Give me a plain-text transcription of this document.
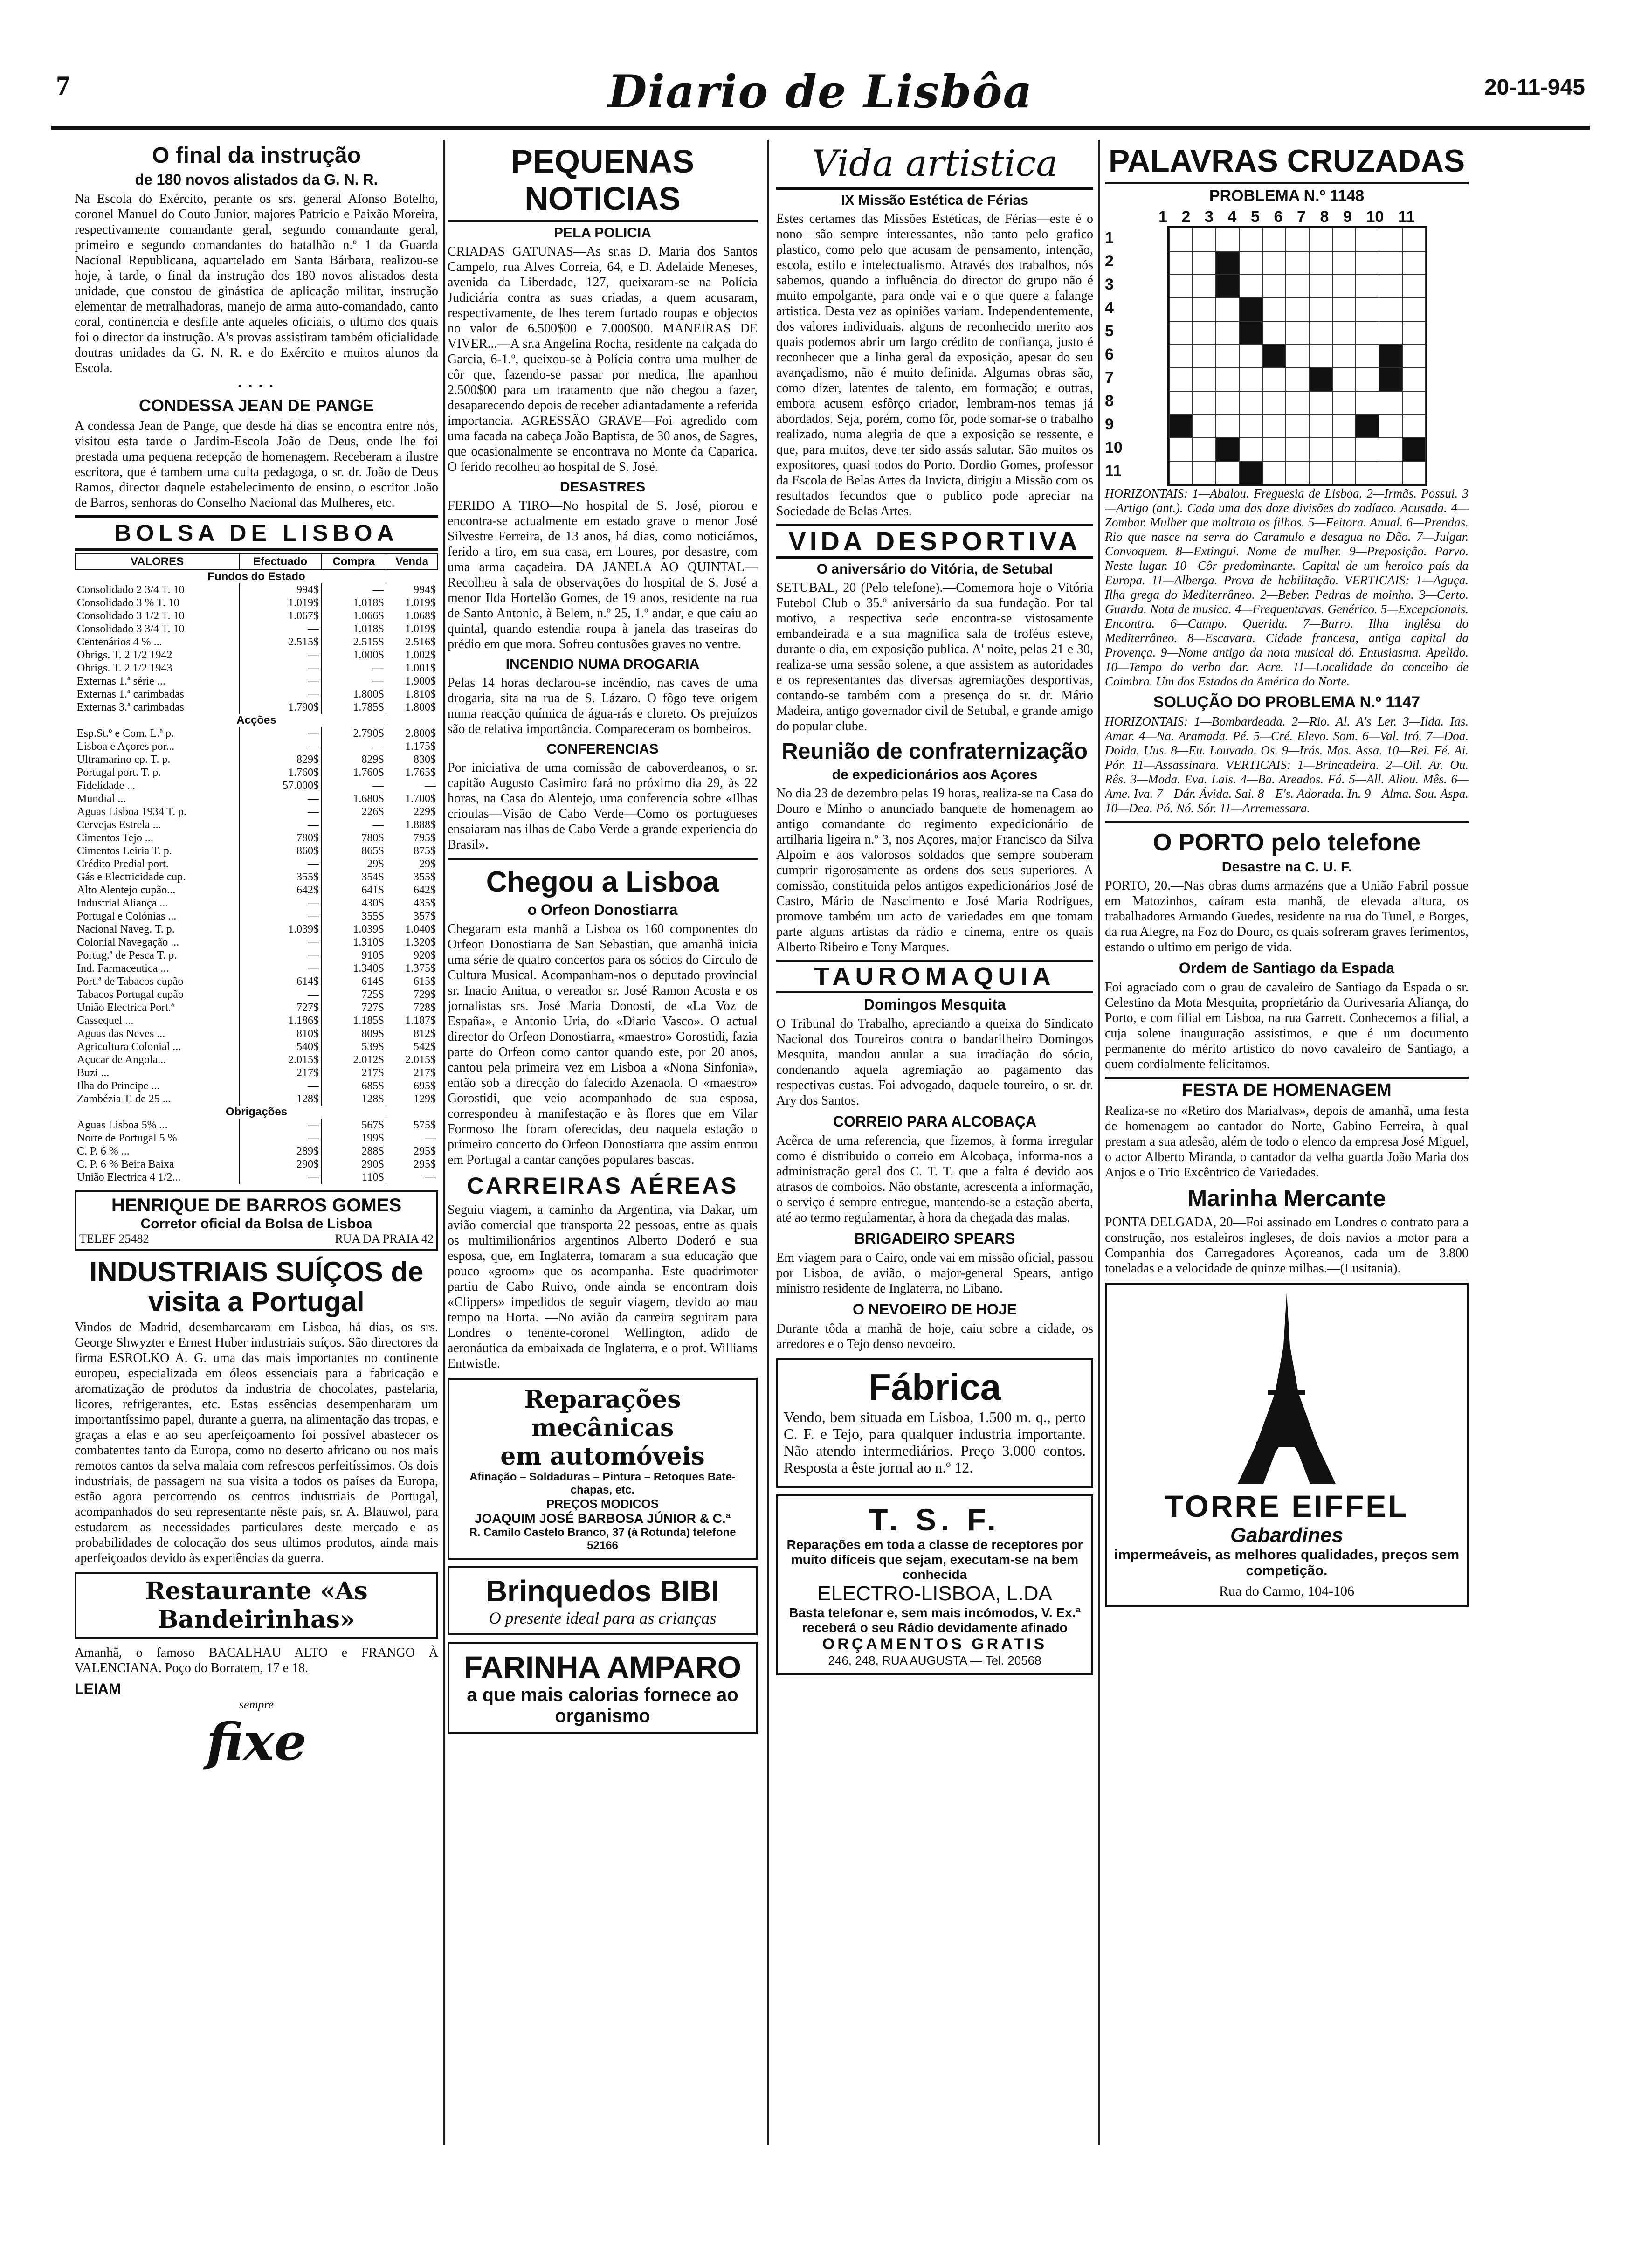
7	Diario de Lisbôa	20-11-945
O final da instrução
de 180 novos alistados da G. N. R.

Na Escola do Exército, perante os srs. general Afonso Botelho, coronel Manuel do Couto Junior, majores Patricio e Paixão Moreira, respectivamente comandante geral, segundo comandante geral, primeiro e segundo comandantes do batalhão n.º 1 da Guarda Nacional Republicana, aquartelado em Santa Bárbara, realizou-se hoje, à tarde, o final da instrução dos 180 novos alistados desta unidade, que constou de ginástica de aplicação militar, instrução elementar de metralhadoras, manejo de arma auto-comandado, canto coral, continencia e desfile ante aqueles oficiais, o ultimo dos quais foi o director da instrução. A's provas assistiram também oficialidade doutras unidades da G. N. R. e do Exército e muitos alunos da Escola.

• • • •
CONDESSA JEAN DE PANGE

A condessa Jean de Pange, que desde há dias se encontra entre nós, visitou esta tarde o Jardim-Escola João de Deus, onde lhe foi prestada uma pequena recepção de homenagem. Receberam a ilustre escritora, que é tambem uma culta pedagoga, o sr. dr. João de Deus Ramos, director daquele estabelecimento de ensino, o escritor João de Barros, senhoras do Conselho Nacional das Mulheres, etc.

BOLSA DE LISBOA
VALORES	Efectuado	Compra	Venda
Fundos do Estado			
Consolidado 2 3/4 T. 10	994$	—	994$
Consolidado 3 % T. 10	1.019$	1.018$	1.019$
Consolidado 3 1/2 T. 10	1.067$	1.066$	1.068$
Consolidado 3 3/4 T. 10	—	1.018$	1.019$
Centenários 4 % ...	2.515$	2.515$	2.516$
Obrigs. T. 2 1/2 1942	—	1.000$	1.002$
Obrigs. T. 2 1/2 1943	—	—	1.001$
Externas 1.ª série ...	—	—	1.900$
Externas 1.ª carimbadas	—	1.800$	1.810$
Externas 3.ª carimbadas	1.790$	1.785$	1.800$
Acções			
Esp.St.º e Com. L.ª p.	—	2.790$	2.800$
Lisboa e Açores por...	—	—	1.175$
Ultramarino cp. T. p.	829$	829$	830$
Portugal port. T. p.	1.760$	1.760$	1.765$
Fidelidade ...	57.000$	—	—
Mundial ...	—	1.680$	1.700$
Aguas Lisboa 1934 T. p.	—	226$	229$
Cervejas Estrela ...	—	—	1.888$
Cimentos Tejo ...	780$	780$	795$
Cimentos Leiria T. p.	860$	865$	875$
Crédito Predial port.	—	29$	29$
Gás e Electricidade cup.	355$	354$	355$
Alto Alentejo cupão...	642$	641$	642$
Industrial Aliança ...	—	430$	435$
Portugal e Colónias ...	—	355$	357$
Nacional Naveg. T. p.	1.039$	1.039$	1.040$
Colonial Navegação ...	—	1.310$	1.320$
Portug.ª de Pesca T. p.	—	910$	920$
Ind. Farmaceutica ...	—	1.340$	1.375$
Port.ª de Tabacos cupão	614$	614$	615$
Tabacos Portugal cupão	—	725$	729$
União Electrica Port.ª	727$	727$	728$
Cassequel ...	1.186$	1.185$	1.187$
Aguas das Neves ...	810$	809$	812$
Agricultura Colonial ...	540$	539$	542$
Açucar de Angola...	2.015$	2.012$	2.015$
Buzi ...	217$	217$	217$
Ilha do Principe ...	—	685$	695$
Zambézia T. de 25 ...	128$	128$	129$
Obrigações			
Aguas Lisboa 5% ...	—	567$	575$
Norte de Portugal 5 %	—	199$	—
C. P. 6 % ...	289$	288$	295$
C. P. 6 % Beira Baixa	290$	290$	295$
União Electrica 4 1/2...	—	110$	—
HENRIQUE DE BARROS GOMES
Corretor oficial da Bolsa de Lisboa
TELEF 25482	RUA DA PRAIA 42
INDUSTRIAIS SUÍÇOS de visita a Portugal

Vindos de Madrid, desembarcaram em Lisboa, há dias, os srs. George Shwyzter e Ernest Huber industriais suíços. São directores da firma ESROLKO A. G. uma das mais importantes no continente europeu, especializada em óleos essenciais para a fabricação e aromatização de produtos da industria de chocolates, pastelaria, licores, refrigerantes, etc. Estas essências desempenharam um importantíssimo papel, durante a guerra, na alimentação das tropas, e graças a elas e ao seu aperfeiçoamento foi possível abastecer os combatentes tanto da Europa, como no deserto africano ou nos mais remotos cantos da selva malaia com refrescos perfeitíssimos. Os dois industriais, de passagem na sua visita a todos os países da Europa, estão agora percorrendo os centros industriais de Portugal, acompanhados do seu representante nêste país, sr. A. Blauwol, para estudarem as necessidades particulares deste mercado e as probabilidades de colocação dos seus ultimos produtos, ainda mais aperfeiçoados devido às experiências da guerra.

Restaurante «As Bandeirinhas»

Amanhã, o famoso BACALHAU ALTO e FRANGO À VALENCIANA. Poço do Borratem, 17 e 18.

LEIAM
sempre
fixe
PEQUENAS NOTICIAS
PELA POLICIA

CRIADAS GATUNAS—As sr.as D. Maria dos Santos Campelo, rua Alves Correia, 64, e D. Adelaide Meneses, avenida da Liberdade, 127, queixaram-se na Polícia Judiciária contra as suas criadas, a quem acusaram, respectivamente, de lhes terem furtado roupas e objectos no valor de 6.500$00 e 7.000$00. MANEIRAS DE VIVER...—A sr.a Angelina Rocha, residente na calçada do Garcia, 6-1.º, queixou-se à Polícia contra uma mulher de côr que, fazendo-se passar por medica, lhe apanhou 2.500$00 para um tratamento que não chegou a fazer, desaparecendo depois de receber adiantadamente a referida importancia. AGRESSÃO GRAVE—Foi agredido com uma facada na cabeça João Baptista, de 30 anos, de Sagres, que ocasionalmente se encontrava no Monte da Caparica. O ferido recolheu ao hospital de S. José.

DESASTRES

FERIDO A TIRO—No hospital de S. José, piorou e encontra-se actualmente em estado grave o menor José Silvestre Ferreira, de 13 anos, há dias, como noticiámos, ferido a tiro, em sua casa, em Loures, por desastre, com uma arma caçadeira. DA JANELA AO QUINTAL—Recolheu à sala de observações do hospital de S. José a menor Ilda Hortelão Gomes, de 19 anos, residente na rua de Santo Antonio, à Belem, n.º 25, 1.º andar, e que caiu ao quintal, quando estendia roupa à janela das traseiras do prédio em que mora. Sofreu contusões graves no ventre.

INCENDIO NUMA DROGARIA

Pelas 14 horas declarou-se incêndio, nas caves de uma drogaria, sita na rua de S. Lázaro. O fôgo teve origem numa reacção química de água-rás e cloreto. Os prejuízos são de relativa importância. Compareceram os bombeiros.

CONFERENCIAS

Por iniciativa de uma comissão de caboverdeanos, o sr. capitão Augusto Casimiro fará no próximo dia 29, às 22 horas, na Casa do Alentejo, uma conferencia sobre «Ilhas crioulas—Visão de Cabo Verde—Como os portugueses ensaiaram nas ilhas de Cabo Verde a grande experiencia do Brasil».

Chegou a Lisboa
o Orfeon Donostiarra

Chegaram esta manhã a Lisboa os 160 componentes do Orfeon Donostiarra de San Sebastian, que amanhã inicia uma série de quatro concertos para os sócios do Circulo de Cultura Musical. Acompanham-nos o deputado provincial sr. Inacio Anitua, o vereador sr. José Ramon Acosta e os jornalistas srs. José Maria Donosti, de «La Voz de España», e Antonio Uria, do «Diario Vasco». O actual director do Orfeon Donostiarra, «maestro» Gorostidi, fazia parte do Orfeon como cantor quando este, por 20 anos, cantou pela primeira vez em Lisboa a «Nona Sinfonia», então sob a direcção do falecido Azenaola. O «maestro» Gorostidi, que veio acompanhado de sua esposa, correspondeu à manifestação e às flores que em Vilar Formoso lhe foram oferecidas, deu naquela estação o primeiro concerto do Orfeon Donostiarra que assim entrou em Portugal a cantar canções populares bascas.

CARREIRAS AÉREAS

Seguiu viagem, a caminho da Argentina, via Dakar, um avião comercial que transporta 22 pessoas, entre as quais os multimilionários argentinos Alberto Doderó e sua esposa, que, em Inglaterra, tomaram a sua educação que pouco «groom» que os acompanha. Este quadrimotor partiu de Cabo Ruivo, onde ainda se encontram dois «Clippers» impedidos de seguir viagem, devido ao mau tempo na Horta. —No avião da carreira seguiram para Londres o tenente-coronel Wellington, adido de aeronáutica da embaixada de Inglaterra, e o prof. Williams Entwistle.

Reparações mecânicas
em automóveis
Afinação – Soldaduras – Pintura – Retoques Bate-chapas, etc.
PREÇOS MODICOS
JOAQUIM JOSÉ BARBOSA JÚNIOR & C.ª
R. Camilo Castelo Branco, 37 (à Rotunda) telefone 52166
Brinquedos BIBI
O presente ideal para as crianças
FARINHA AMPARO
a que mais calorias fornece ao organismo
Vida artistica
IX Missão Estética de Férias

Estes certames das Missões Estéticas, de Férias—este é o nono—são sempre interessantes, não tanto pelo grafico plastico, como pelo que acusam de pensamento, intenção, escola, estilo e intelectualismo. Através dos trabalhos, nós sabemos, quando a influência do director do grupo não é muito empolgante, para onde vai e o que quere a falange artistica. Desta vez as opiniões variam. Independentemente, dos valores individuais, alguns de reconhecido merito aos quais podemos abrir um largo crédito de confiança, justo é reconhecer que a linha geral da exposição, apesar do seu avançadismo, não é muito definida. Algumas obras são, como dizer, latentes de talento, em formação; e outras, embora acusem esfôrço criador, lembram-nos temas já abordados. Seja, porém, como fôr, pode somar-se o trabalho realizado, numa alegria de que a exposição se ressente, e que, para muitos, deve ter sido assás salutar. São muitos os expositores, quasi todos do Porto. Dordio Gomes, professor da Escola de Belas Artes da Invicta, dirigiu a Missão com os resultados fecundos que o publico pode apreciar na Sociedade de Belas Artes.

VIDA DESPORTIVA
O aniversário do Vitória, de Setubal

SETUBAL, 20 (Pelo telefone).—Comemora hoje o Vitória Futebol Club o 35.º aniversário da sua fundação. Por tal motivo, a respectiva sede encontra-se vistosamente embandeirada e a sua magnifica sala de troféus esteve, durante o dia, em exposição publica. A' noite, pelas 21 e 30, realiza-se uma sessão solene, a que assistem as autoridades e os representantes das diversas agremiações desportivas, contando-se também com a presença do sr. dr. Mário Madeira, antigo governador civil de Setubal, e grande amigo do popular clube.

Reunião de confraternização
de expedicionários aos Açores

No dia 23 de dezembro pelas 19 horas, realiza-se na Casa do Douro e Minho o anunciado banquete de homenagem ao antigo comandante do regimento expedicionário de artilharia ligeira n.º 3, nos Açores, major Francisco da Silva Alpoim e aos valorosos soldados que sempre souberam cumprir rigorosamente as ordens dos seus superiores. A comissão, constituida pelos antigos expedicionários José de Castro, Mário de Nascimento e José Maria Rodrigues, promove também um acto de variedades em que tomam parte alguns artistas da rádio e cinema, entre os quais Alberto Ribeiro e Tony Marques.

TAUROMAQUIA
Domingos Mesquita

O Tribunal do Trabalho, apreciando a queixa do Sindicato Nacional dos Toureiros contra o bandarilheiro Domingos Mesquita, mandou anular a sua irradiação do sócio, condenando aquela agremiação ao pagamento das respectivas custas. Foi advogado, daquele toureiro, o sr. dr. Ary dos Santos.

CORREIO PARA ALCOBAÇA

Acêrca de uma referencia, que fizemos, à forma irregular como é distribuido o correio em Alcobaça, informa-nos a administração geral dos C. T. T. que a falta é devido aos atrasos de comboios. Não obstante, acrescenta a informação, o serviço é sempre entregue, mantendo-se a estação aberta, até ao termo regulamentar, à hora da chegada das malas.

BRIGADEIRO SPEARS

Em viagem para o Cairo, onde vai em missão oficial, passou por Lisboa, de avião, o major-general Spears, antigo ministro residente de Inglaterra, no Libano.

O NEVOEIRO DE HOJE

Durante tôda a manhã de hoje, caiu sobre a cidade, os arredores e o Tejo denso nevoeiro.

Fábrica

Vendo, bem situada em Lisboa, 1.500 m. q., perto C. F. e Tejo, para qualquer industria importante. Não atendo intermediários. Preço 3.000 contos. Resposta a êste jornal ao n.º 12.

T. S. F.
Reparações em toda a classe de receptores por muito difíceis que sejam, executam-se na bem conhecida
ELECTRO-LISBOA, L.DA
Basta telefonar e, sem mais incómodos, V. Ex.ª receberá o seu Rádio devidamente afinado
ORÇAMENTOS GRATIS
246, 248, RUA AUGUSTA — Tel. 20568
PALAVRAS CRUZADAS
PROBLEMA N.º 1148
1 2 3 4 5 6 7 8 9 10 11
1
2
3
4
5
6
7
8
9
10
11

HORIZONTAIS: 1—Abalou. Freguesia de Lisboa. 2—Irmãs. Possui. 3—Artigo (ant.). Cada uma das doze divisões do zodíaco. Acusada. 4—Zombar. Mulher que maltrata os filhos. 5—Feitora. Anual. 6—Prendas. Rio que nasce na serra do Caramulo e desagua no Dão. 7—Julgar. Convoquem. 8—Extingui. Nome de mulher. 9—Preposição. Parvo. Neste lugar. 10—Côr predominante. Capital de um heroico país da Europa. 11—Alberga. Prova de habilitação. VERTICAIS: 1—Aguça. Ilha grega do Mediterrâneo. 2—Beber. Pedras de moinho. 3—Certo. Guarda. Nota de musica. 4—Frequentavas. Genérico. 5—Excepcionais. Encontra. 6—Campo. Querida. 7—Burro. Ilha inglêsa do Mediterrâneo. 8—Escavara. Cidade francesa, antiga capital da Provença. 9—Nome antigo da nota musical dó. Entusiasma. Apelido. 10—Tempo do verbo dar. Acre. 11—Localidade do concelho de Coimbra. Um dos Estados da América do Norte.

SOLUÇÃO DO PROBLEMA N.º 1147

HORIZONTAIS: 1—Bombardeada. 2—Rio. Al. A's Ler. 3—Ilda. Ias. Amar. 4—Na. Aramada. Pé. 5—Cré. Elevo. Som. 6—Val. Iró. 7—Doa. Doida. Uus. 8—Eu. Louvada. Os. 9—Irás. Mas. Assa. 10—Rei. Fé. Ai. Pór. 11—Assassinara. VERTICAIS: 1—Brincadeira. 2—Oil. Ar. Ou. Rês. 3—Moda. Eva. Lais. 4—Ba. Areados. Fá. 5—All. Aliou. Mês. 6—Ame. Iva. 7—Dár. Ávida. Sai. 8—E's. Adorada. In. 9—Alma. Sou. Aspa. 10—Dea. Pó. Nó. Sór. 11—Arremessara.

O PORTO pelo telefone
Desastre na C. U. F.

PORTO, 20.—Nas obras dums armazéns que a União Fabril possue em Matozinhos, caíram esta manhã, de elevada altura, os trabalhadores Armando Guedes, residente na rua do Tunel, e Borges, da rua Alegre, na Foz do Douro, os quais sofreram graves ferimentos, estando o ultimo em perigo de vida.

Ordem de Santiago da Espada

Foi agraciado com o grau de cavaleiro de Santiago da Espada o sr. Celestino da Mota Mesquita, proprietário da Ourivesaria Aliança, do Porto, e com filial em Lisboa, na rua Garrett. Conhecemos a filial, a cuja solene inauguração assistimos, e que é um documento permanente do mérito artistico do novo cavaleiro de Santiago, a quem cordialmente felicitamos.

FESTA DE HOMENAGEM

Realiza-se no «Retiro dos Marialvas», depois de amanhã, uma festa de homenagem ao cantador do Norte, Gabino Ferreira, à qual prestam a sua adesão, além de todo o elenco da empresa José Miguel, o actor Alberto Miranda, o cantador da velha guarda João Maria dos Anjos e o Trio Excêntrico de Variedades.

Marinha Mercante

PONTA DELGADA, 20—Foi assinado em Londres o contrato para a construção, nos estaleiros ingleses, de dois navios a motor para a Companhia dos Carregadores Açoreanos, cada um de 3.800 toneladas e a velocidade de quinze milhas.—(Lusitania).

TORRE EIFFEL
Gabardines
impermeáveis, as melhores qualidades, preços sem competição.
Rua do Carmo, 104-106
